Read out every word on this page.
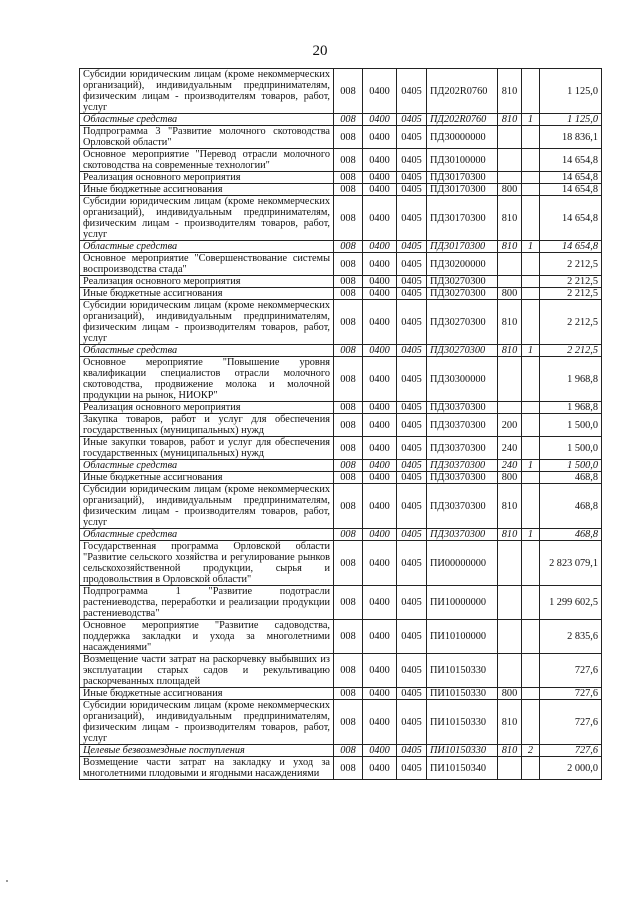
20
Субсидии юридическим лицам (кроме некоммерческих организаций), индивидуальным предпринимателям, физическим лицам - производителям товаров, работ, услуг	008	0400	0405	ПД202R0760	810		1 125,0
Областные средства	008	0400	0405	ПД202R0760	810	1	1 125,0
Подпрограмма 3 "Развитие молочного скотоводства Орловской области"	008	0400	0405	ПД30000000			18 836,1
Основное мероприятие "Перевод отрасли молочного скотоводства на современные технологии"	008	0400	0405	ПД30100000			14 654,8
Реализация основного мероприятия	008	0400	0405	ПД30170300			14 654,8
Иные бюджетные ассигнования	008	0400	0405	ПД30170300	800		14 654,8
Субсидии юридическим лицам (кроме некоммерческих организаций), индивидуальным предпринимателям, физическим лицам - производителям товаров, работ, услуг	008	0400	0405	ПД30170300	810		14 654,8
Областные средства	008	0400	0405	ПД30170300	810	1	14 654,8
Основное мероприятие "Совершенствование системы воспроизводства стада"	008	0400	0405	ПД30200000			2 212,5
Реализация основного мероприятия	008	0400	0405	ПД30270300			2 212,5
Иные бюджетные ассигнования	008	0400	0405	ПД30270300	800		2 212,5
Субсидии юридическим лицам (кроме некоммерческих организаций), индивидуальным предпринимателям, физическим лицам - производителям товаров, работ, услуг	008	0400	0405	ПД30270300	810		2 212,5
Областные средства	008	0400	0405	ПД30270300	810	1	2 212,5
Основное мероприятие "Повышение уровня квалификации специалистов отрасли молочного скотоводства, продвижение молока и молочной продукции на рынок, НИОКР"	008	0400	0405	ПД30300000			1 968,8
Реализация основного мероприятия	008	0400	0405	ПД30370300			1 968,8
Закупка товаров, работ и услуг для обеспечения государственных (муниципальных) нужд	008	0400	0405	ПД30370300	200		1 500,0
Иные закупки товаров, работ и услуг для обеспечения государственных (муниципальных) нужд	008	0400	0405	ПД30370300	240		1 500,0
Областные средства	008	0400	0405	ПД30370300	240	1	1 500,0
Иные бюджетные ассигнования	008	0400	0405	ПД30370300	800		468,8
Субсидии юридическим лицам (кроме некоммерческих организаций), индивидуальным предпринимателям, физическим лицам - производителям товаров, работ, услуг	008	0400	0405	ПД30370300	810		468,8
Областные средства	008	0400	0405	ПД30370300	810	1	468,8
Государственная программа Орловской области "Развитие сельского хозяйства и регулирование рынков сельскохозяйственной продукции, сырья и продовольствия в Орловской области"	008	0400	0405	ПИ00000000			2 823 079,1
Подпрограмма 1 "Развитие подотрасли растениеводства, переработки и реализации продукции растениеводства"	008	0400	0405	ПИ10000000			1 299 602,5
Основное мероприятие "Развитие садоводства, поддержка закладки и ухода за многолетними насаждениями"	008	0400	0405	ПИ10100000			2 835,6
Возмещение части затрат на раскорчевку выбывших из эксплуатации старых садов и рекультивацию раскорчеванных площадей	008	0400	0405	ПИ10150330			727,6
Иные бюджетные ассигнования	008	0400	0405	ПИ10150330	800		727,6
Субсидии юридическим лицам (кроме некоммерческих организаций), индивидуальным предпринимателям, физическим лицам - производителям товаров, работ, услуг	008	0400	0405	ПИ10150330	810		727,6
Целевые безвозмездные поступления	008	0400	0405	ПИ10150330	810	2	727,6
Возмещение части затрат на закладку и уход за многолетними плодовыми и ягодными насаждениями	008	0400	0405	ПИ10150340			2 000,0
